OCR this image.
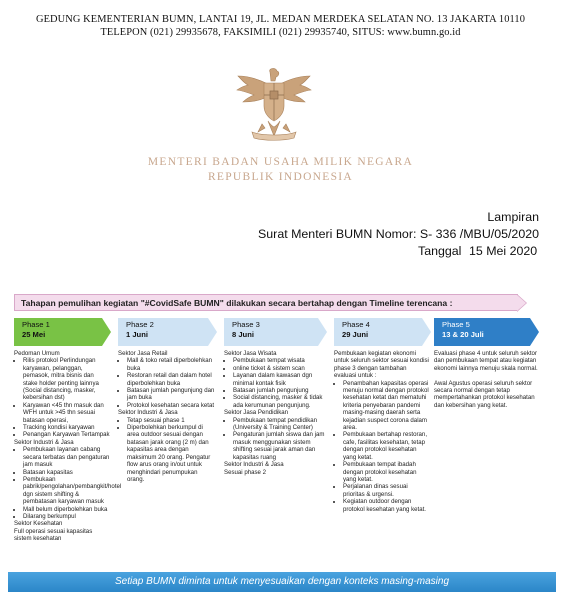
GEDUNG KEMENTERIAN BUMN, LANTAI 19, JL. MEDAN MERDEKA SELATAN NO. 13 JAKARTA 10110
TELEPON (021) 29935678, FAKSIMILI (021) 29935740, SITUS: www.bumn.go.id
MENTERI BADAN USAHA MILIK NEGARA
REPUBLIK INDONESIA
Lampiran
Surat Menteri BUMN Nomor: S- 336 /MBU/05/2020
Tanggal 15 Mei 2020
Tahapan pemulihan kegiatan "#CovidSafe BUMN" dilakukan secara bertahap dengan Timeline terencana :
Phase 1
25 Mei

Pedoman Umum

• Rilis protokol Perlindungan karyawan, pelanggan, pemasok, mitra bisnis dan stake holder penting lainnya (Social distancing, masker, kebersihan dst)
• Karyawan <45 thn masuk dan WFH untuk >45 thn sesuai batasan operasi,
• Tracking kondisi karyawan
• Penangan Karyawan Tertampak

Sektor Industri & Jasa

• Pembukaan layanan cabang secara terbatas dan pengaturan jam masuk
• Batasan kapasitas
• Pembukaan pabrik/pengolahan/pembangkit/hotel dgn sistem shifting & pembatasan karyawan masuk
• Mall belum diperbolehkan buka
• Dilarang berkumpul

Sektor Kesehatan

Full operasi sesuai kapasitas sistem kesehatan

Phase 2
1 Juni

Sektor Jasa Retail

• Mall & toko retail diperbolehkan buka
• Restoran retail dan dalam hotel diperbolehkan buka
• Batasan jumlah pengunjung dan jam buka
• Protokol kesehatan secara ketat

Sektor Industri & Jasa

• Tetap sesuai phase 1
• Diperbolehkan berkumpul di area outdoor sesuai dengan batasan jarak orang (2 m) dan kapasitas area dengan maksimum 20 orang. Pengatur flow arus orang in/out untuk menghindari penumpukan orang.
Phase 3
8 Juni

Sektor Jasa Wisata

• Pembukaan tempat wisata
• online ticket & sistem scan
• Layanan dalam kawasan dgn minimal kontak fisik
• Batasan jumlah pengunjung
• Social distancing, masker & tidak ada kerumunan pengunjung.

Sektor Jasa Pendidikan

• Pembukaan tempat pendidikan (University & Training Center)
• Pengaturan jumlah siswa dan jam masuk menggunakan sistem shifting sesuai jarak aman dan kapasitas ruang

Sektor Industri & Jasa

Sesuai phase 2

Phase 4
29 Juni

Pembukaan kegiatan ekonomi untuk seluruh sektor sesuai kondisi phase 3 dengan tambahan evaluasi untuk :

• Penambahan kapasitas operasi menuju normal dengan protokol kesehatan ketat dan mematuhi kriteria penyebaran pandemi masing-masing daerah serta kejadian suspect corona dalam area.
• Pembukaan bertahap restoran, cafe, fasilitas kesehatan, tetap dengan protokol kesehatan yang ketat.
• Pembukaan tempat ibadah dengan protokol kesehatan yang ketat.
• Perjalanan dinas sesuai prioritas & urgensi.
• Kegiatan outdoor dengan protokol kesehatan yang ketat.
Phase 5
13 & 20 Juli

Evaluasi phase 4 untuk seluruh sektor dan pembukaan tempat atau kegiatan ekonomi lainnya menuju skala normal.

Awal Agustus operasi seluruh sektor secara normal dengan tetap mempertahankan protokol kesehatan dan kebersihan yang ketat.

Setiap BUMN diminta untuk menyesuaikan dengan konteks masing-masing
